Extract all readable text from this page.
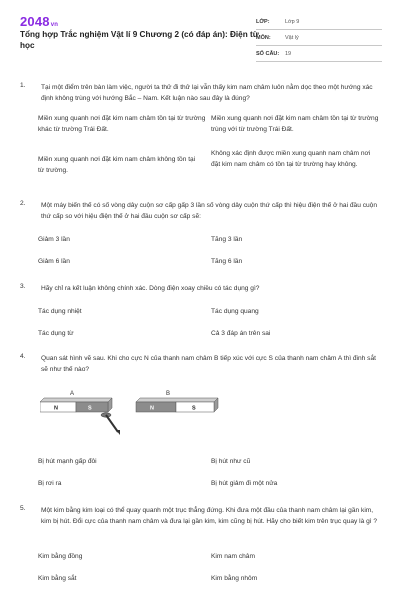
2048vn
Tổng hợp Trắc nghiệm Vật lí 9 Chương 2 (có đáp án): Điện từ học
LỚP:	Lớp 9
MÔN:	Vật lý
SỐ CÂU: 19
1. Tại một điểm trên bàn làm việc, người ta thử đi thử lại vẫn thấy kim nam châm luôn nằm dọc theo một hướng xác định không trùng với hướng Bắc – Nam. Kết luận nào sau đây là đúng?
Miền xung quanh nơi đặt kim nam châm tồn tại từ trường khác từ trường Trái Đất.
Miền xung quanh nơi đặt kim nam châm tồn tại từ trường trùng với từ trường Trái Đất.
Miền xung quanh nơi đặt kim nam châm không tồn tại từ trường.
Không xác định được miền xung quanh nam châm nơi đặt kim nam châm có tồn tại từ trường hay không.
2. Một máy biến thế có số vòng dây cuộn sơ cấp gấp 3 lần số vòng dây cuộn thứ cấp thì hiệu điện thế ở hai đầu cuộn thứ cấp so với hiệu điện thế ở hai đầu cuộn sơ cấp sẽ:
Giảm 3 lần	Tăng 3 lần
Giảm 6 lần	Tăng 6 lần
3. Hãy chỉ ra kết luận không chính xác. Dòng điện xoay chiều có tác dụng gì?
Tác dụng nhiệt	Tác dụng quang
Tác dụng từ	Cả 3 đáp án trên sai
4. Quan sát hình vẽ sau. Khi cho cực N của thanh nam châm B tiếp xúc với cực S của thanh nam châm A thì đinh sắt sẽ như thế nào?
Bị hút mạnh gấp đôi	Bị hút như cũ
Bị rơi ra	Bị hút giảm đi một nửa
A	B
N	S	N	S
5. Một kim bằng kim loại có thể quay quanh một trục thẳng đứng. Khi đưa một đầu của thanh nam châm lại gần kim, kim bị hút. Đổi cực của thanh nam châm và đưa lại gần kim, kim cũng bị hút. Hãy cho biết kim trên trục quay là gì ?
Kim bằng đồng	Kim nam châm
Kim bằng sắt	Kim bằng nhôm
